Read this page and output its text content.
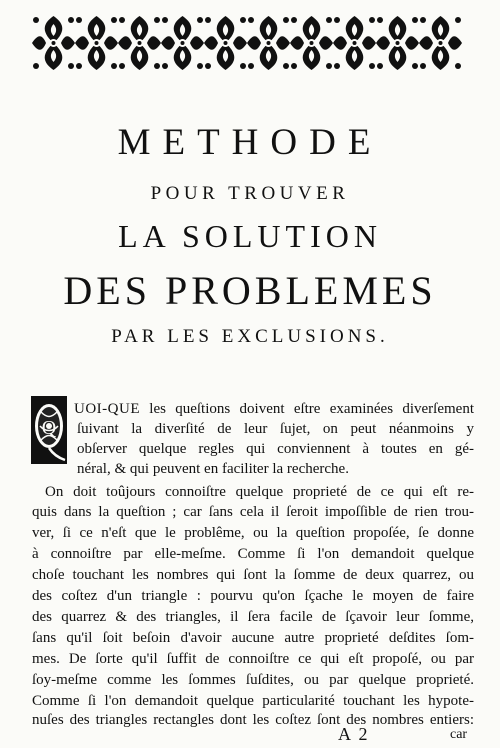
METHODE
POUR TROUVER
LA SOLUTION
DES PROBLEMES
PAR LES EXCLUSIONS.
Q
UOI-QUE les queſtions doivent eſtre examinées diverſement
ſuivant la diverſité de leur ſujet, on peut néanmoins y
obſerver quelque regles qui conviennent à toutes en gé-
néral, & qui peuvent en faciliter la recherche.
On doit toûjours connoiſtre quelque proprieté de ce qui eſt re-
quis dans la queſtion ; car ſans cela il ſeroit impoſſible de rien trou-
ver, ſi ce n'eſt que le problême, ou la queſtion propoſée, ſe donne
à connoiſtre par elle-meſme. Comme ſi l'on demandoit quelque
choſe touchant les nombres qui ſont la ſomme de deux quarrez, ou
des coſtez d'un triangle : pourvu qu'on ſçache le moyen de faire
des quarrez & des triangles, il ſera facile de ſçavoir leur ſomme,
ſans qu'il ſoit beſoin d'avoir aucune autre proprieté deſdites ſom-
mes. De ſorte qu'il ſuffit de connoiſtre ce qui eſt propoſé, ou par
ſoy-meſme comme les ſommes ſuſdites, ou par quelque proprieté.
Comme ſi l'on demandoit quelque particularité touchant les hypote-
nuſes des triangles rectangles dont les coſtez ſont des nombres entiers:
A 2	car
